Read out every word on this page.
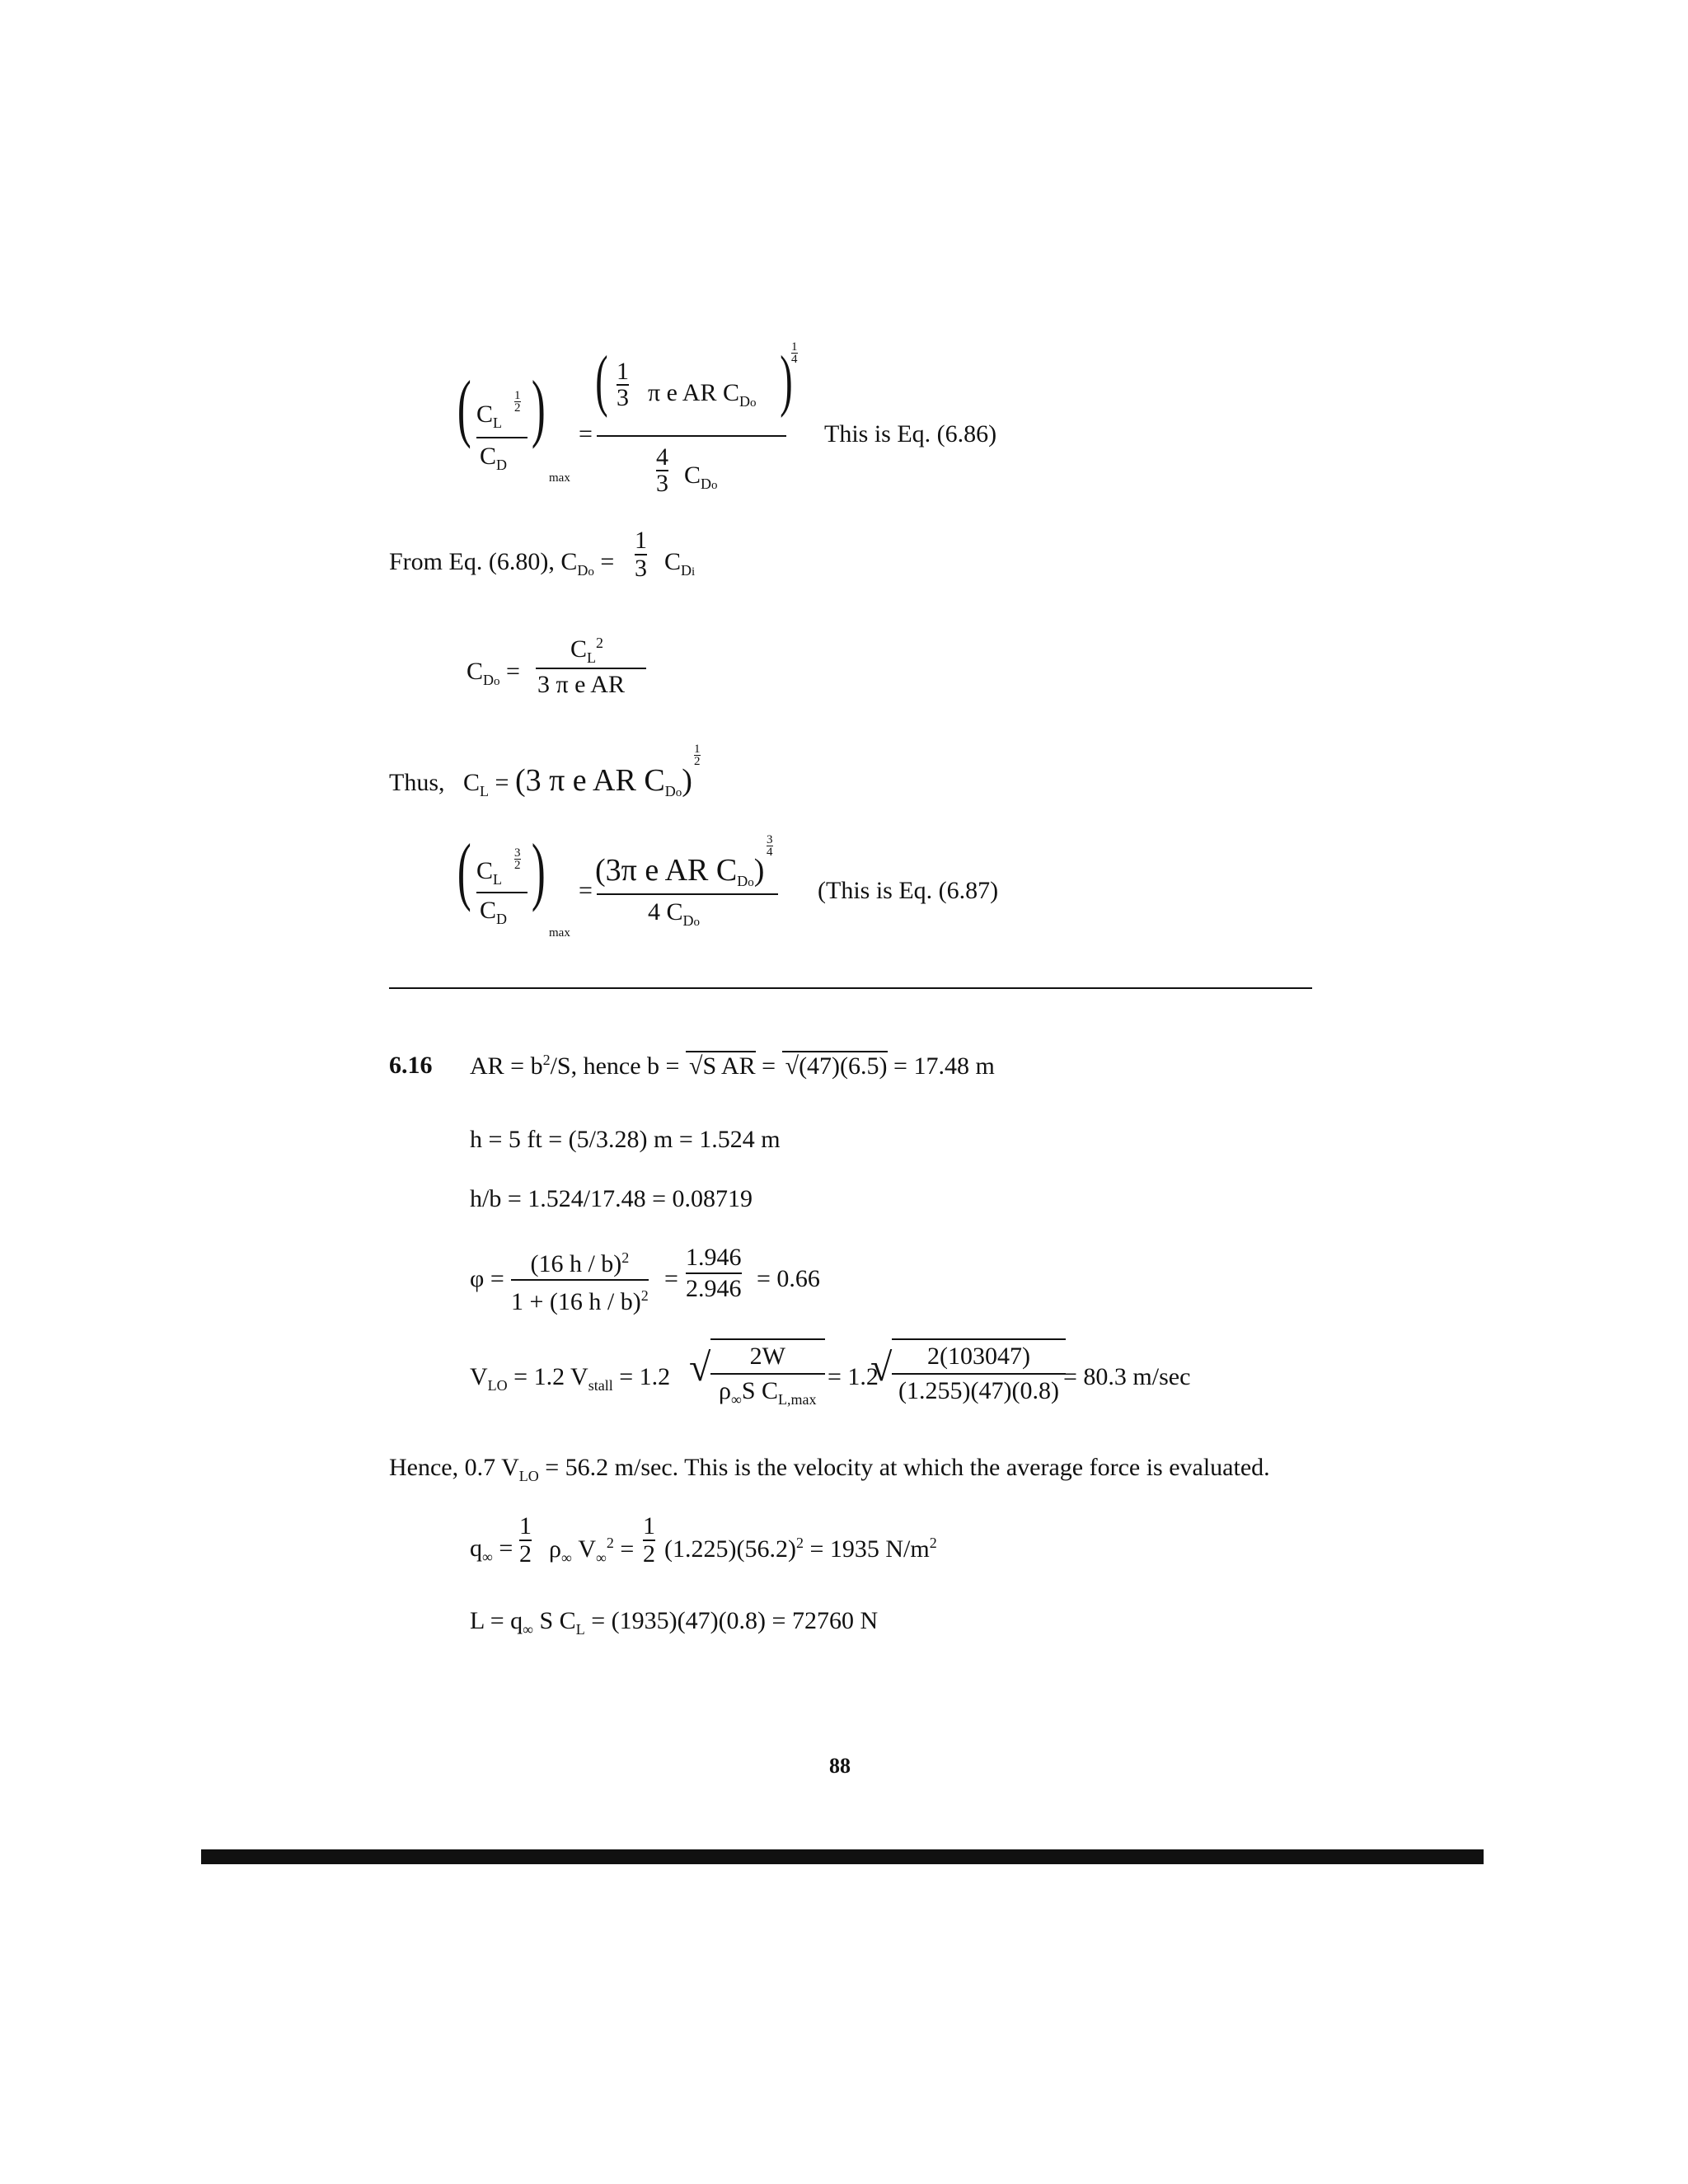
( )
$C_L$
1
2
$C_D$
max
=
( 1
3 π e AR $C_{Do}$ )
1
4
4
3 $C_{Do}$
This is Eq. (6.86)
From Eq. (6.80), $C_{Do}$ =
1
3 $C_{Di}$
$C_{Do}$ =
$C_L^2$
3 π e AR
Thus, $C_L = (3$ π e AR $C_{Do}$)
1
2
( )
$C_L$
3
2
$C_D$
max
=
(3π e AR $C_{Do}$)
3
4
4 $C_{Do}$
(This is Eq. (6.87)
6.16 AR = $b^2/S$, hence b = √S AR = √(47)(6.5) = 17.48 m
h = 5 ft = (5/3.28) m = 1.524 m
h/b = 1.524/17.48 = 0.08719
φ =
(16 h / b)$^2$
1 + (16 h / b)$^2$
=
1.946
2.946 = 0.66
$V_{LO} = 1.2$ $V_{stall} = 1.2$ √	2W
$\rho_\infty S$ $C_{L,max}$
= 1.2
√	2(103047)
(1.255)(47)(0.8)
= 80.3 m/sec
Hence, 0.7 $V_{LO} = 56.2$ m/sec. This is the velocity at which the average force is evaluated.
$q_\infty$ =
1
2 $\rho_\infty$ $V_\infty^2$ =
1
2 $(1.225)(56.2)^2 = 1935$ $N/m^2$
$L = q_\infty$ S $C_L = (1935)(47)(0.8) = 72760$ N
88
